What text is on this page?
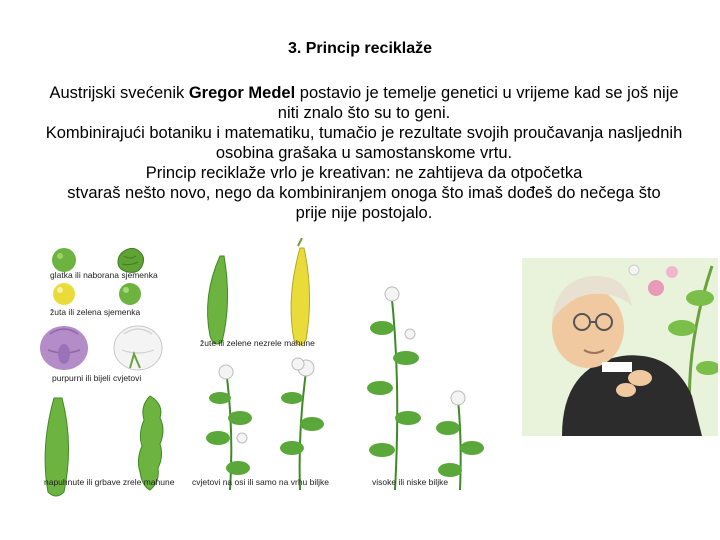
3. Princip reciklaže
Austrijski svećenik Gregor Medel postavio je temelje genetici u vrijeme kad se još nije
niti znalo što su to geni.
Kombinirajući botaniku i matematiku, tumačio je rezultate svojih proučavanja nasljednih
osobina grašaka u samostanskome vrtu.
Princip reciklaže vrlo je kreativan: ne zahtijeva da otpočetka
stvaraš nešto novo, nego da kombiniranjem onoga što imaš dođeš do nečega što
prije nije postojalo.
glatka ili naborana sjemenka
žuta ili zelena sjemenka
purpurni ili bijeli cvjetovi
žute ili zelene nezrele mahune
napuhnute ili grbave zrele mahune cvjetovi na osi ili samo na vrhu biljke	visoke ili niske biljke
